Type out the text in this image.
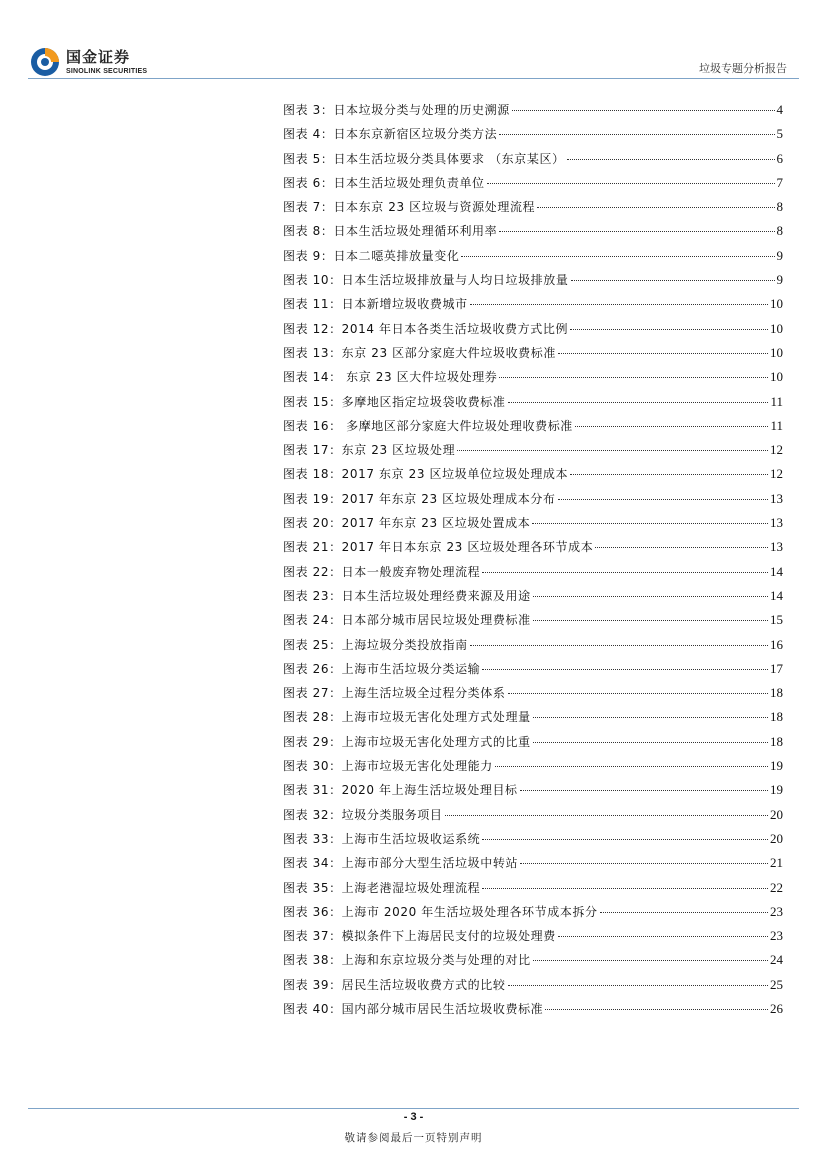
国金证券
SINOLINK SECURITIES	垃圾专题分析报告
图表 3：日本垃圾分类与处理的历史溯源	4
图表 4：日本东京新宿区垃圾分类方法	5
图表 5：日本生活垃圾分类具体要求 （东京某区）	6
图表 6：日本生活垃圾处理负责单位	7
图表 7：日本东京 23 区垃圾与资源处理流程	8
图表 8：日本生活垃圾处理循环利用率	8
图表 9：日本二噁英排放量变化	9
图表 10：日本生活垃圾排放量与人均日垃圾排放量	9
图表 11：日本新增垃圾收费城市	10
图表 12：2014 年日本各类生活垃圾收费方式比例	10
图表 13：东京 23 区部分家庭大件垃圾收费标准	10
图表 14： 东京 23 区大件垃圾处理券	10
图表 15：多摩地区指定垃圾袋收费标准	11
图表 16： 多摩地区部分家庭大件垃圾处理收费标准	11
图表 17：东京 23 区垃圾处理	12
图表 18：2017 东京 23 区垃圾单位垃圾处理成本	12
图表 19：2017 年东京 23 区垃圾处理成本分布	13
图表 20：2017 年东京 23 区垃圾处置成本	13
图表 21：2017 年日本东京 23 区垃圾处理各环节成本	13
图表 22：日本一般废弃物处理流程	14
图表 23：日本生活垃圾处理经费来源及用途	14
图表 24：日本部分城市居民垃圾处理费标准	15
图表 25：上海垃圾分类投放指南	16
图表 26：上海市生活垃圾分类运输	17
图表 27：上海生活垃圾全过程分类体系	18
图表 28：上海市垃圾无害化处理方式处理量	18
图表 29：上海市垃圾无害化处理方式的比重	18
图表 30：上海市垃圾无害化处理能力	19
图表 31：2020 年上海生活垃圾处理目标	19
图表 32：垃圾分类服务项目	20
图表 33：上海市生活垃圾收运系统	20
图表 34：上海市部分大型生活垃圾中转站	21
图表 35：上海老港湿垃圾处理流程	22
图表 36：上海市 2020 年生活垃圾处理各环节成本拆分	23
图表 37：模拟条件下上海居民支付的垃圾处理费	23
图表 38：上海和东京垃圾分类与处理的对比	24
图表 39：居民生活垃圾收费方式的比较	25
图表 40：国内部分城市居民生活垃圾收费标准	26
- 3 -
敬请参阅最后一页特别声明
